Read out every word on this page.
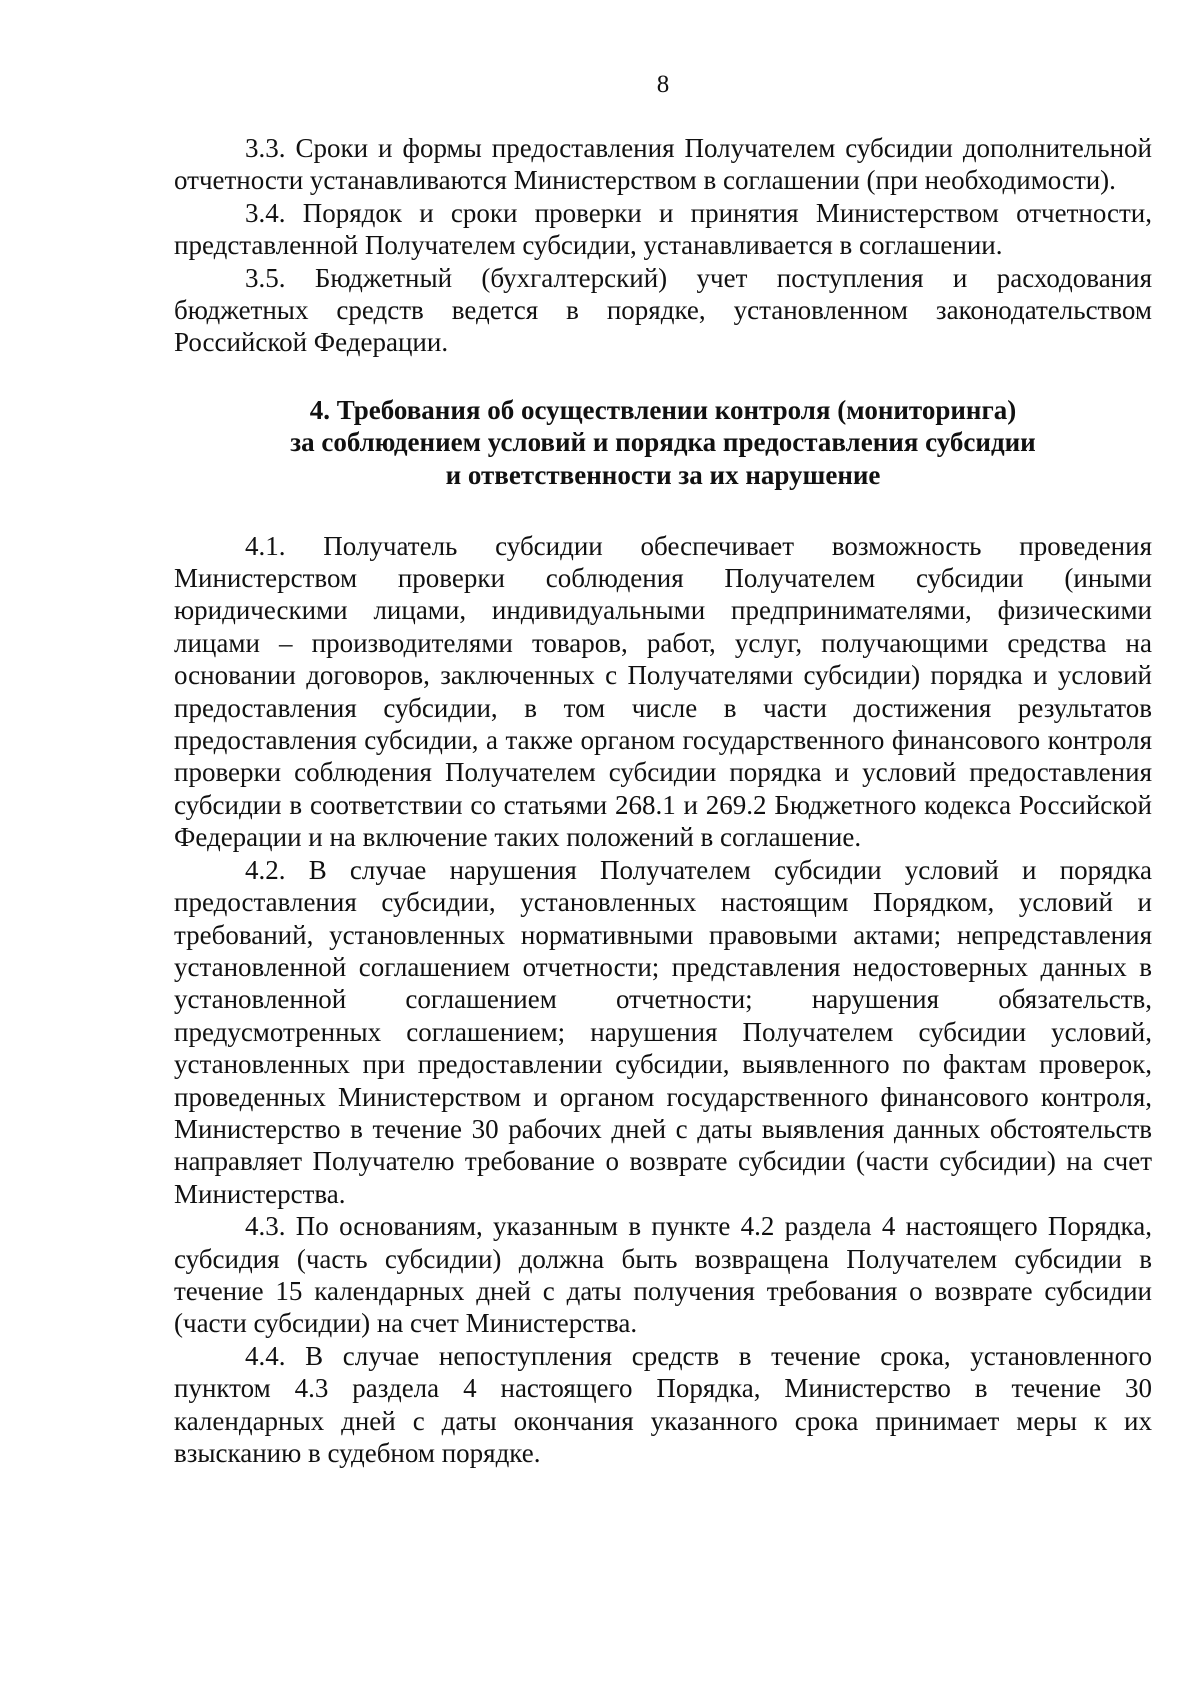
8

3.3. Сроки и формы предоставления Получателем субсидии дополнительной отчетности устанавливаются Министерством в соглашении (при необходимости).

3.4. Порядок и сроки проверки и принятия Министерством отчетности, представленной Получателем субсидии, устанавливается в соглашении.

3.5. Бюджетный (бухгалтерский) учет поступления и расходования бюджетных средств ведется в порядке, установленном законодательством Российской Федерации.

4. Требования об осуществлении контроля (мониторинга)
за соблюдением условий и порядка предоставления субсидии
и ответственности за их нарушение

4.1. Получатель субсидии обеспечивает возможность проведения Министерством проверки соблюдения Получателем субсидии (иными юридическими лицами, индивидуальными предпринимателями, физическими лицами – производителями товаров, работ, услуг, получающими средства на основании договоров, заключенных с Получателями субсидии) порядка и условий предоставления субсидии, в том числе в части достижения результатов предоставления субсидии, а также органом государственного финансового контроля проверки соблюдения Получателем субсидии порядка и условий предоставления субсидии в соответствии со статьями 268.1 и 269.2 Бюджетного кодекса Российской Федерации и на включение таких положений в соглашение.

4.2. В случае нарушения Получателем субсидии условий и порядка предоставления субсидии, установленных настоящим Порядком, условий и требований, установленных нормативными правовыми актами; непредставления установленной соглашением отчетности; представления недостоверных данных в установленной соглашением отчетности; нарушения обязательств, предусмотренных соглашением; нарушения Получателем субсидии условий, установленных при предоставлении субсидии, выявленного по фактам проверок, проведенных Министерством и органом государственного финансового контроля, Министерство в течение 30 рабочих дней с даты выявления данных обстоятельств направляет Получателю требование о возврате субсидии (части субсидии) на счет Министерства.

4.3. По основаниям, указанным в пункте 4.2 раздела 4 настоящего Порядка, субсидия (часть субсидии) должна быть возвращена Получателем субсидии в течение 15 календарных дней с даты получения требования о возврате субсидии (части субсидии) на счет Министерства.

4.4. В случае непоступления средств в течение срока, установленного пунктом 4.3 раздела 4 настоящего Порядка, Министерство в течение 30 календарных дней с даты окончания указанного срока принимает меры к их взысканию в судебном порядке.
